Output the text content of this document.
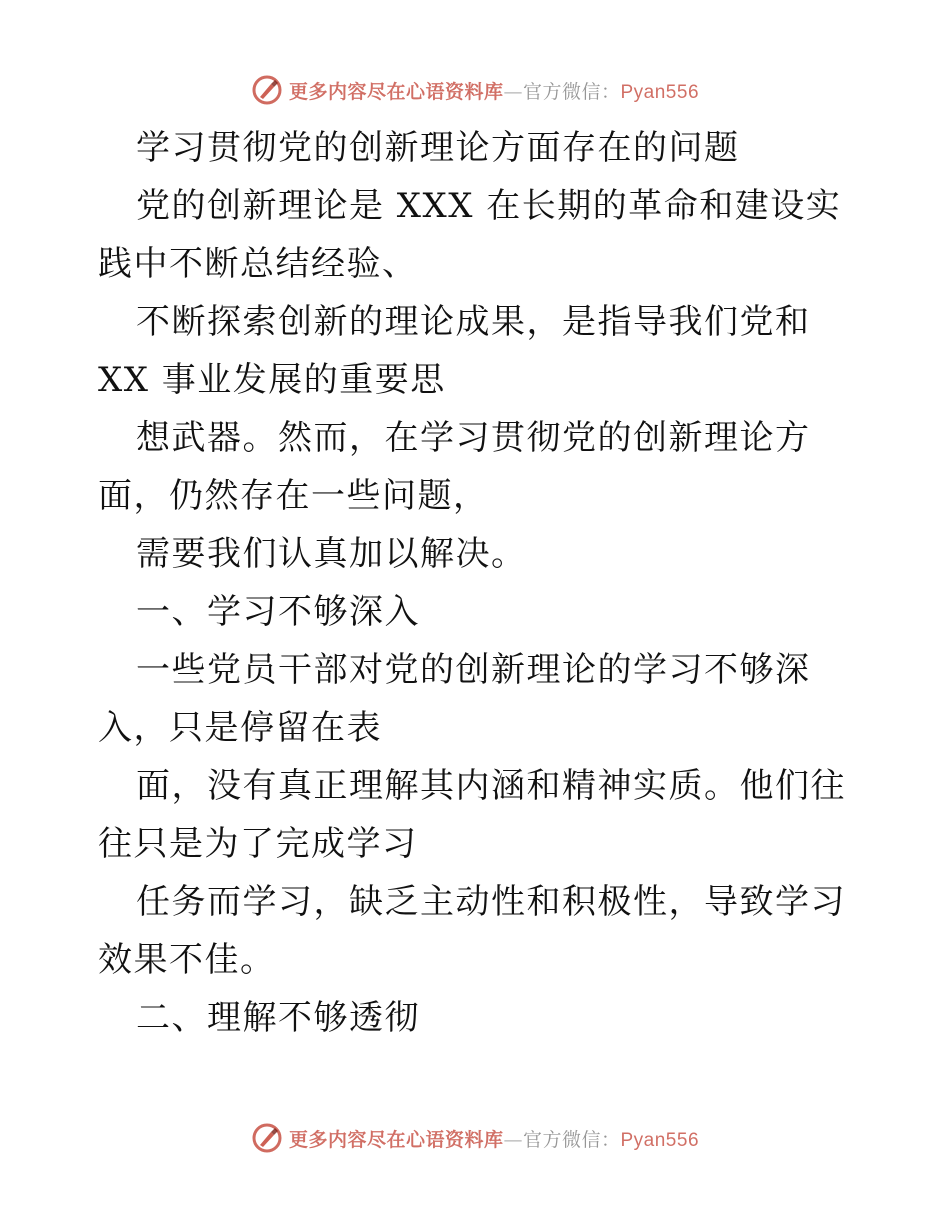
更多内容尽在心语资料库—官方微信：Pyan556

学习贯彻党的创新理论方面存在的问题

党的创新理论是 XXX 在长期的革命和建设实践中不断总结经验、

不断探索创新的理论成果，是指导我们党和 XX 事业发展的重要思

想武器。然而，在学习贯彻党的创新理论方面，仍然存在一些问题，

需要我们认真加以解决。

一、学习不够深入

一些党员干部对党的创新理论的学习不够深入，只是停留在表

面，没有真正理解其内涵和精神实质。他们往往只是为了完成学习

任务而学习，缺乏主动性和积极性，导致学习效果不佳。

二、理解不够透彻

更多内容尽在心语资料库—官方微信：Pyan556
